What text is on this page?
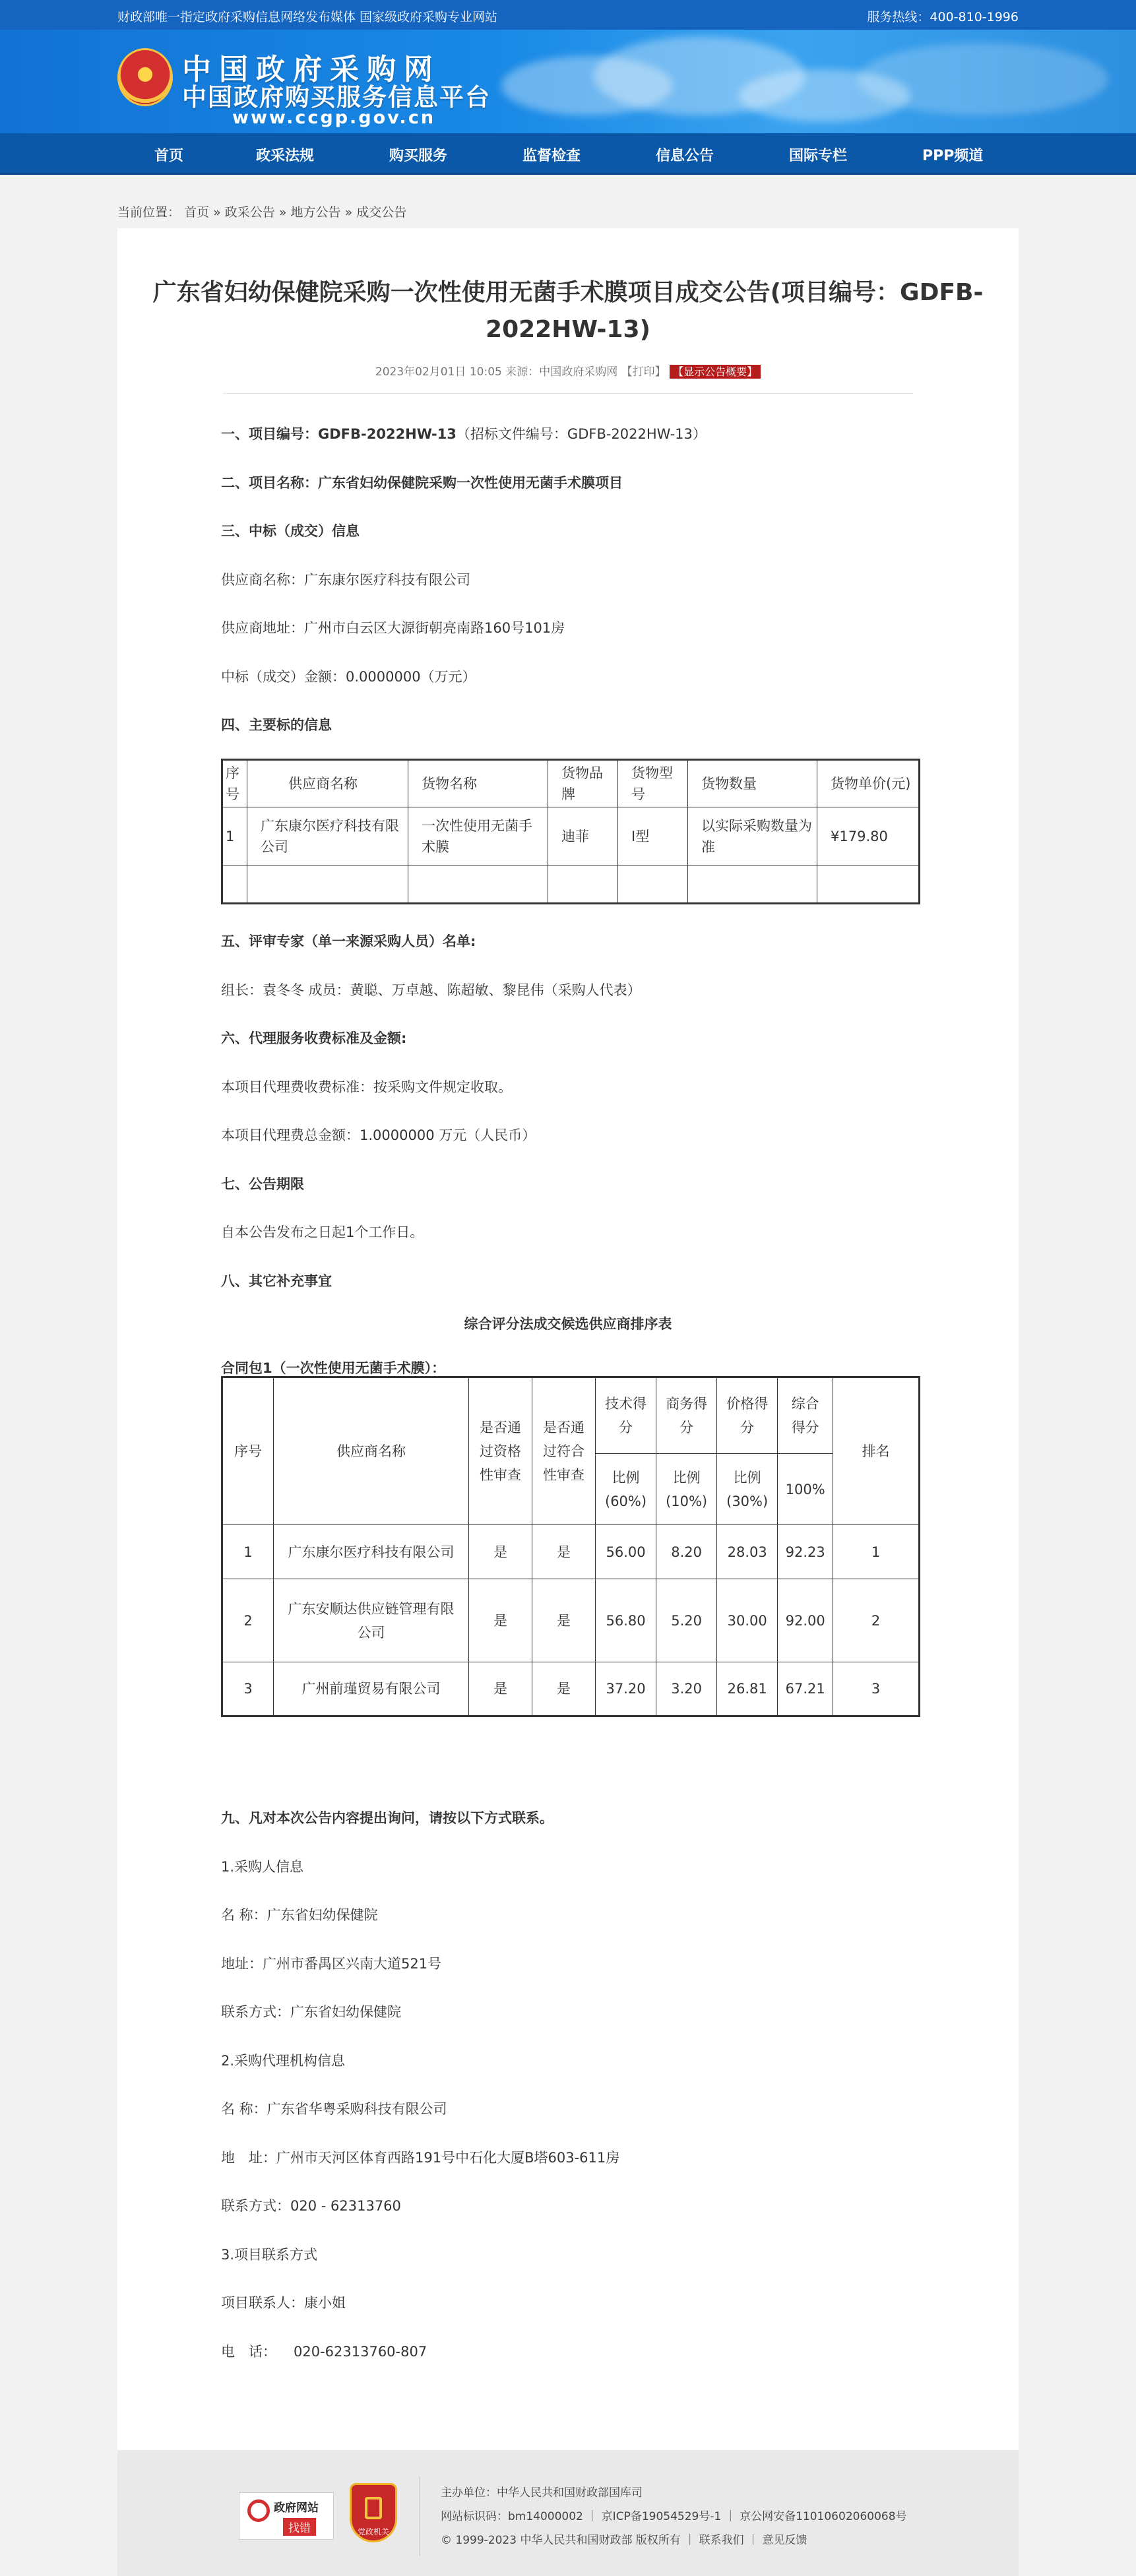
财政部唯一指定政府采购信息网络发布媒体 国家级政府采购专业网站	服务热线：400-810-1996
中国政府采购网
中国政府购买服务信息平台
www.ccgp.gov.cn
首页	政采法规	购买服务	监督检查	信息公告	国际专栏	PPP频道
当前位置： 首页 » 政采公告 » 地方公告 » 成交公告
广东省妇幼保健院采购一次性使用无菌手术膜项目成交公告(项目编号：GDFB-2022HW-13)
2023年02月01日 10:05 来源：中国政府采购网 【打印】 【显示公告概要】
一、项目编号：GDFB-2022HW-13（招标文件编号：GDFB-2022HW-13）
二、项目名称：广东省妇幼保健院采购一次性使用无菌手术膜项目
三、中标（成交）信息
供应商名称：广东康尔医疗科技有限公司
供应商地址：广州市白云区大源街朝亮南路160号101房
中标（成交）金额：0.0000000（万元）
四、主要标的信息
序号	供应商名称	货物名称	货物品牌	货物型号	货物数量	货物单价(元)
1	广东康尔医疗科技有限公司	一次性使用无菌手术膜	迪菲	I型	以实际采购数量为准	¥179.80

五、评审专家（单一来源采购人员）名单:
组长：袁冬冬 成员：黄聪、万卓越、陈超敏、黎昆伟（采购人代表）
六、代理服务收费标准及金额:
本项目代理费收费标准：按采购文件规定收取。
本项目代理费总金额：1.0000000 万元（人民币）
七、公告期限
自本公告发布之日起1个工作日。
八、其它补充事宜
综合评分法成交候选供应商排序表
合同包1（一次性使用无菌手术膜）：
序号	供应商名称	是否通过资格性审查	是否通过符合性审查	技术得分	商务得分	价格得分	综合得分	排名
				比例(60%)	比例(10%)	比例(30%)	100%	
1	广东康尔医疗科技有限公司	是	是	56.00	8.20	28.03	92.23	1
2	广东安顺达供应链管理有限公司	是	是	56.80	5.20	30.00	92.00	2
3	广州前瑾贸易有限公司	是	是	37.20	3.20	26.81	67.21	3
九、凡对本次公告内容提出询问，请按以下方式联系。
1.采购人信息
名 称：广东省妇幼保健院
地址：广州市番禺区兴南大道521号
联系方式：广东省妇幼保健院
2.采购代理机构信息
名 称：广东省华粤采购科技有限公司
地　址：广州市天河区体育西路191号中石化大厦B塔603-611房
联系方式：020 - 62313760
3.项目联系方式
项目联系人：康小姐
电　话： 020-62313760-807
政府网站
找错	党政机关
主办单位：中华人民共和国财政部国库司
网站标识码：bm14000002 ｜ 京ICP备19054529号-1 ｜ 京公网安备11010602060068号
© 1999-2023 中华人民共和国财政部 版权所有 ｜ 联系我们 ｜ 意见反馈
